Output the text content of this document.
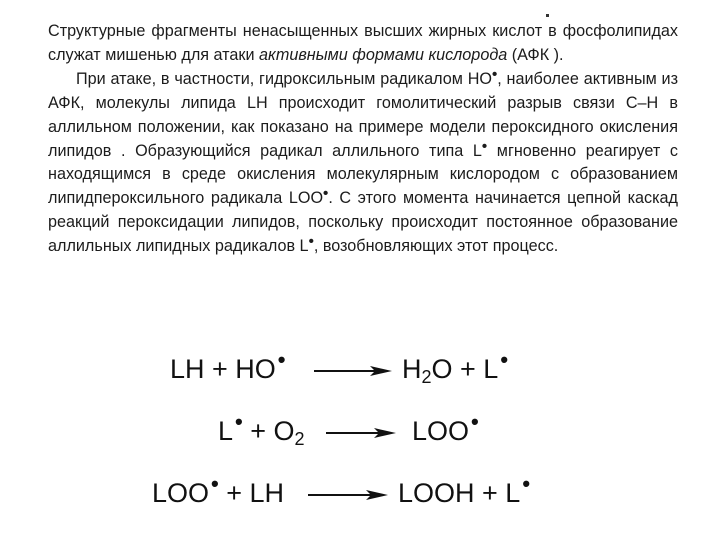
Структурные фрагменты ненасыщенных высших жирных кислот в фосфолипидах служат мишенью для атаки активными формами кислорода (АФК ).

При атаке, в частности, гидроксильным радикалом HO•, наиболее активным из АФК, молекулы липида LH происходит гомолитический разрыв связи C–H в аллильном положении, как показано на примере модели пероксидного окисления липидов . Образующийся радикал аллильного типа L• мгновенно реагирует с находящимся в среде окисления молекулярным кислородом с образованием липидпероксильного радикала LOO•. С этого момента начинается цепной каскад реакций пероксидации липидов, поскольку происходит постоянное образование аллильных липидных радикалов L•, возобновляющих этот процесс.

LH + $HO^• \to H_2O + L^•$
$L^• + O_2 \to LOO^•$
LOO• + LH → LOOH + L•
